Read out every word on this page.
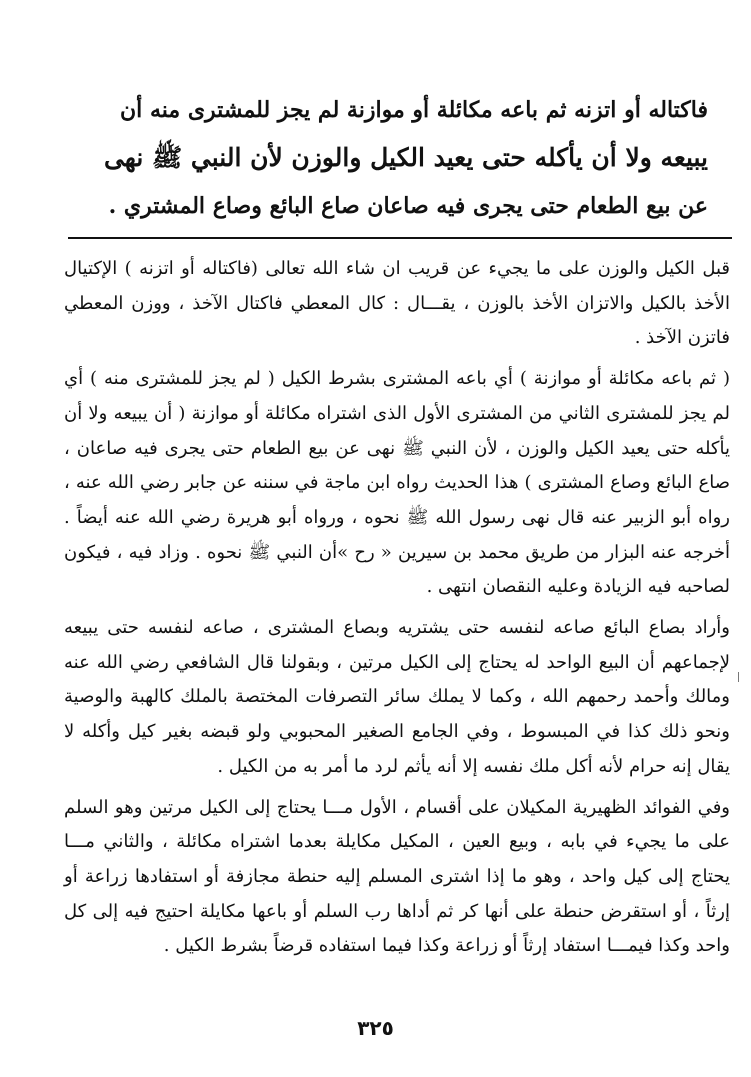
فاكتاله أو اتزنه ثم باعه مكائلة أو موازنة لم يجز للمشترى منه أن

يبيعه ولا أن يأكله حتى يعيد الكيل والوزن لأن النبي ﷺ نهى

عن بيع الطعام حتى يجرى فيه صاعان صاع البائع وصاع المشتري .

قبل الكيل والوزن على ما يجيء عن قريب ان شاء الله تعالى (فاكتاله أو اتزنه ) الإكتيال الأخذ بالكيل والاتزان الأخذ بالوزن ، يقـــال : كال المعطي فاكتال الآخذ ، ووزن المعطي فاتزن الآخذ .

( ثم باعه مكائلة أو موازنة ) أي باعه المشترى بشرط الكيل ( لم يجز للمشترى منه ) أي لم يجز للمشترى الثاني من المشترى الأول الذى اشتراه مكائلة أو موازنة ( أن يبيعه ولا أن يأكله حتى يعيد الكيل والوزن ، لأن النبي ﷺ نهى عن بيع الطعام حتى يجرى فيه صاعان ، صاع البائع وصاع المشترى ) هذا الحديث رواه ابن ماجة في سننه عن جابر رضي الله عنه ، رواه أبو الزبير عنه قال نهى رسول الله ﷺ نحوه ، ورواه أبو هريرة رضي الله عنه أيضاً . أخرجه عنه البزار من طريق محمد بن سيرين « رح »أن النبي ﷺ نحوه . وزاد فيه ، فيكون لصاحبه فيه الزيادة وعليه النقصان انتهى .

وأراد بصاع البائع صاعه لنفسه حتى يشتريه وبصاع المشترى ، صاعه لنفسه حتى يبيعه لإجماعهم أن البيع الواحد له يحتاج إلى الكيل مرتين ، وبقولنا قال الشافعي رضي الله عنه ومالك وأحمد رحمهم الله ، وكما لا يملك سائر التصرفات المختصة بالملك كالهبة والوصية ونحو ذلك كذا في المبسوط ، وفي الجامع الصغير المحبوبي ولو قبضه بغير كيل وأكله لا يقال إنه حرام لأنه أكل ملك نفسه إلا أنه يأثم لرد ما أمر به من الكيل .

وفي الفوائد الظهيرية المكيلان على أقسام ، الأول مـــا يحتاج إلى الكيل مرتين وهو السلم على ما يجيء في بابه ، وبيع العين ، المكيل مكايلة بعدما اشتراه مكائلة ، والثاني مـــا يحتاج إلى كيل واحد ، وهو ما إذا اشترى المسلم إليه حنطة مجازفة أو استفادها زراعة أو إرثاً ، أو استقرض حنطة على أنها كر ثم أداها رب السلم أو باعها مكايلة احتيج فيه إلى كل واحد وكذا فيمـــا استفاد إرثاً أو زراعة وكذا فيما استفاده قرضاً بشرط الكيل .

٣٢٥
